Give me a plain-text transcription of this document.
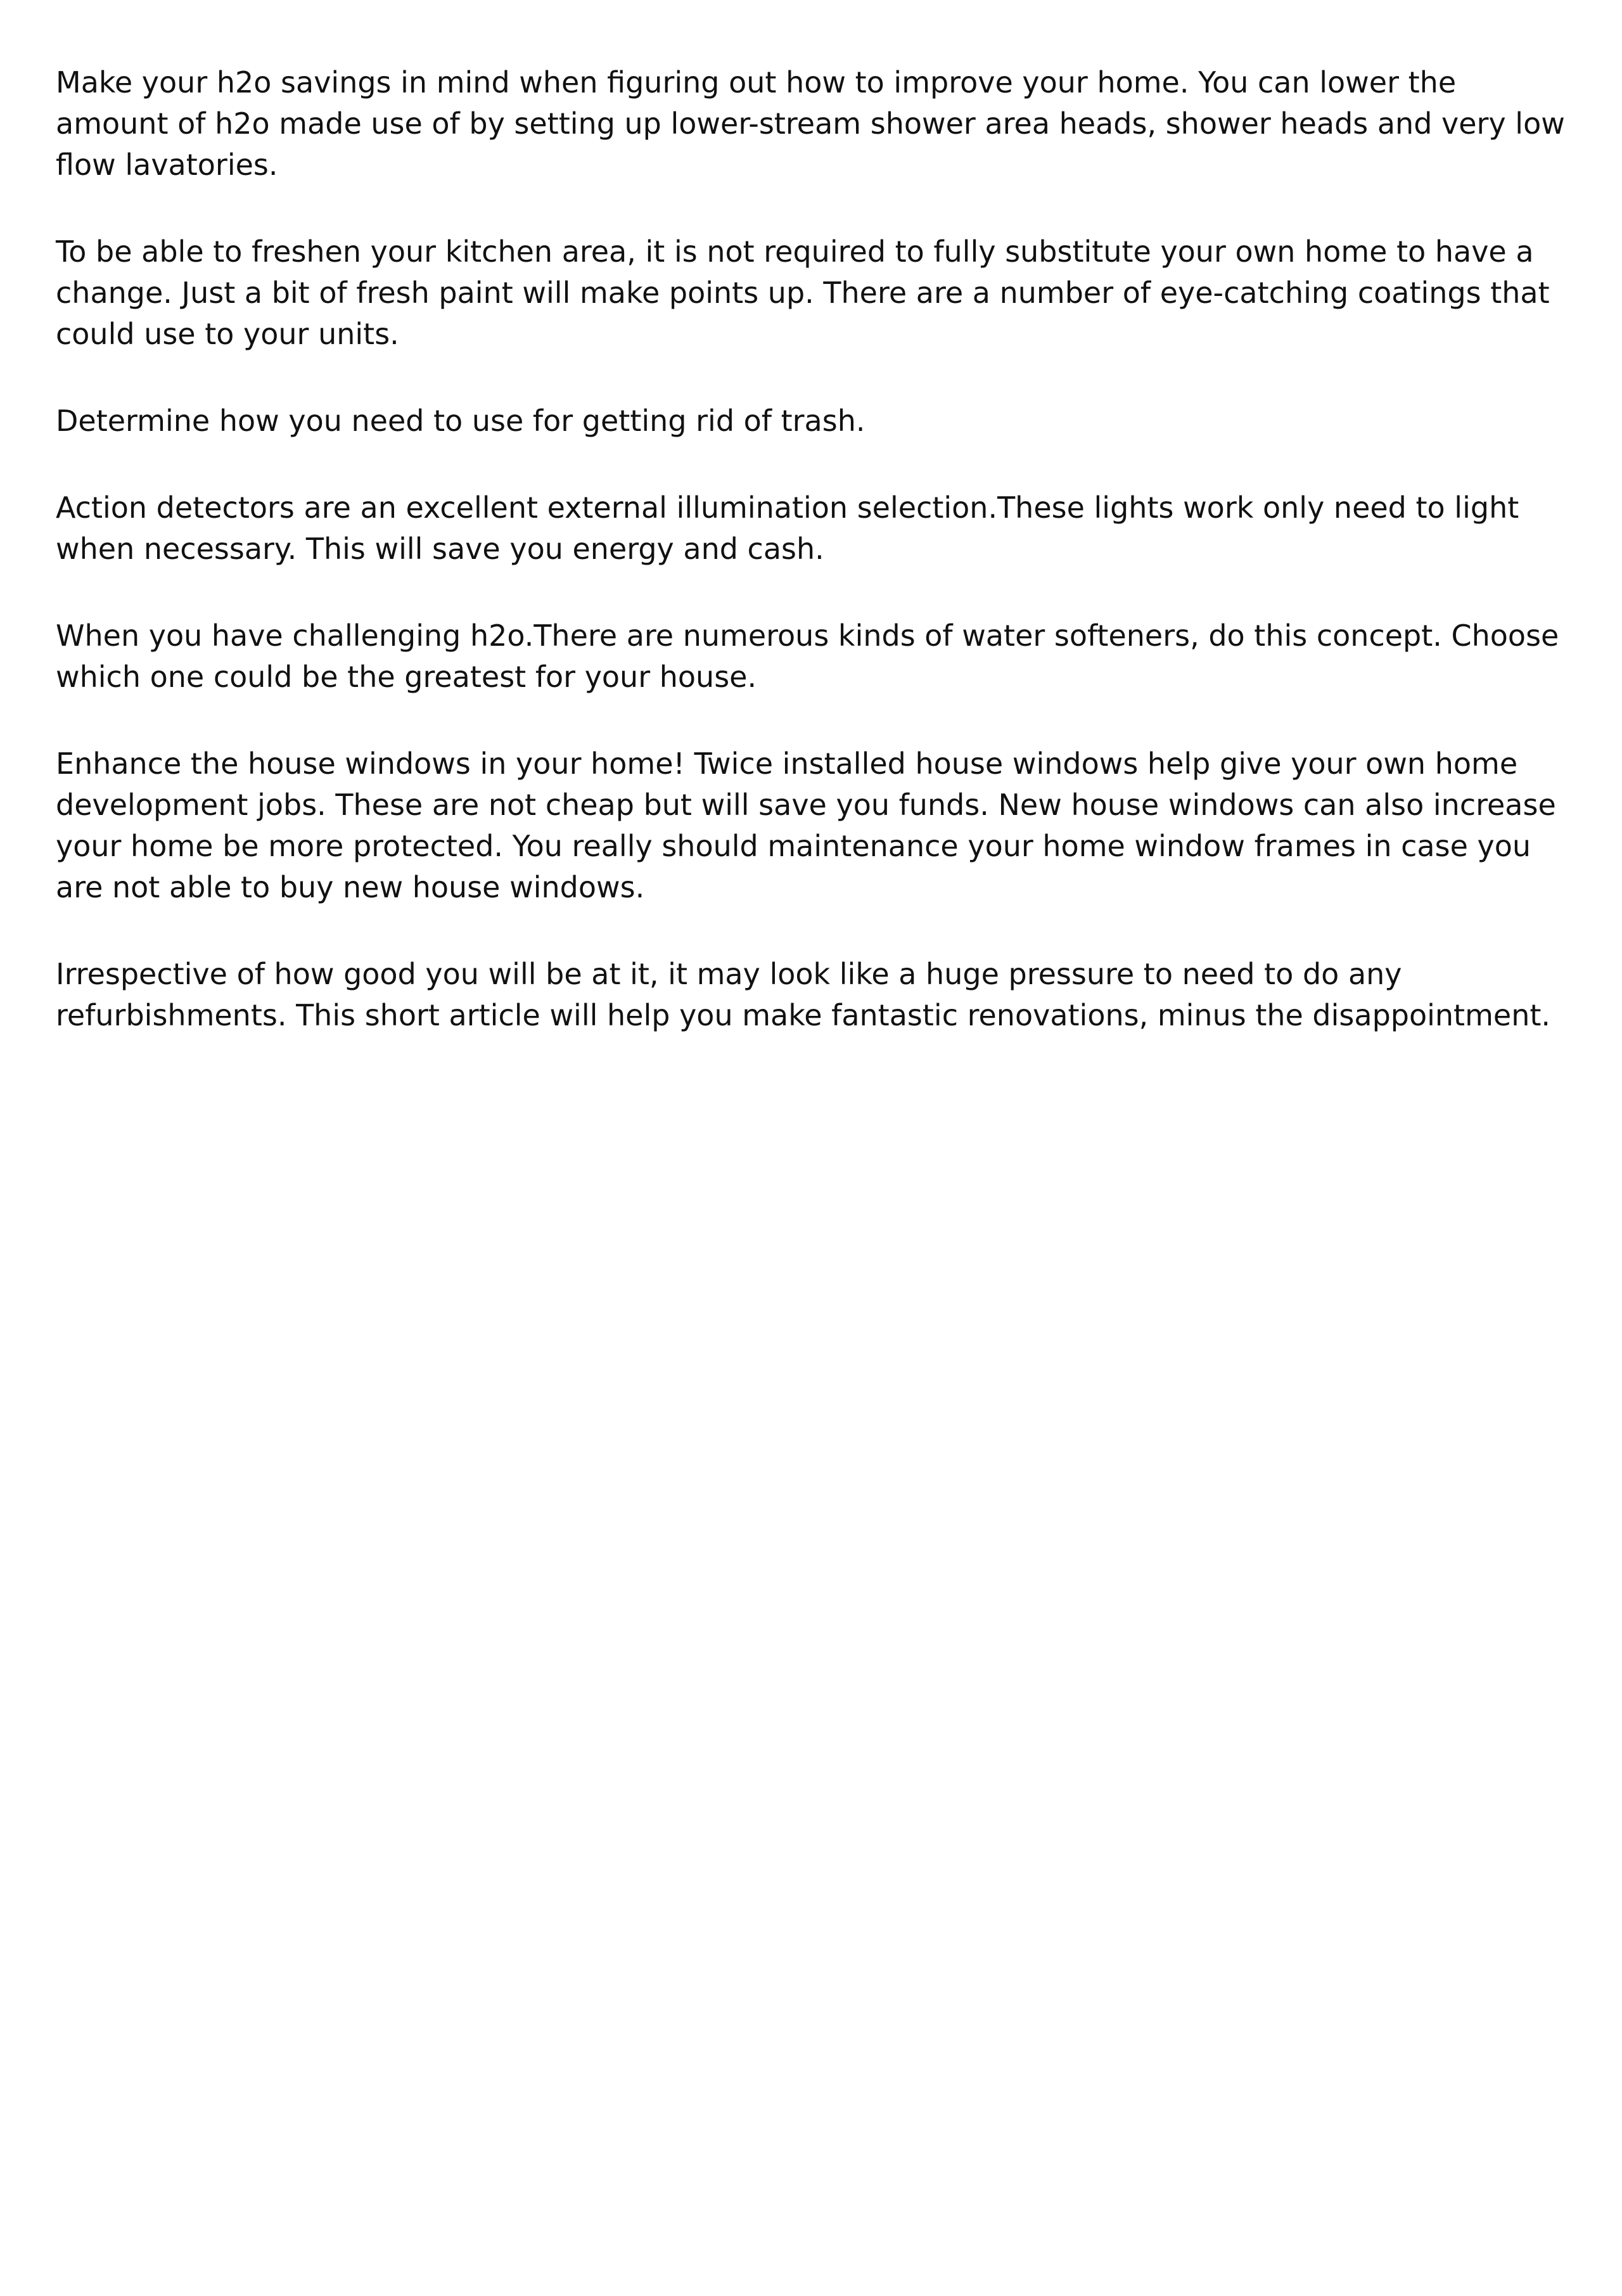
Make your h2o savings in mind when figuring out how to improve your home. You can lower the amount of h2o made use of by setting up lower-stream shower area heads, shower heads and very low flow lavatories.

To be able to freshen your kitchen area, it is not required to fully substitute your own home to have a change. Just a bit of fresh paint will make points up. There are a number of eye-catching coatings that could use to your units.

Determine how you need to use for getting rid of trash.

Action detectors are an excellent external illumination selection.These lights work only need to light when necessary. This will save you energy and cash.

When you have challenging h2o.There are numerous kinds of water softeners, do this concept. Choose which one could be the greatest for your house.

Enhance the house windows in your home! Twice installed house windows help give your own home development jobs. These are not cheap but will save you funds. New house windows can also increase your home be more protected. You really should maintenance your home window frames in case you are not able to buy new house windows.

Irrespective of how good you will be at it, it may look like a huge pressure to need to do any refurbishments. This short article will help you make fantastic renovations, minus the disappointment.
